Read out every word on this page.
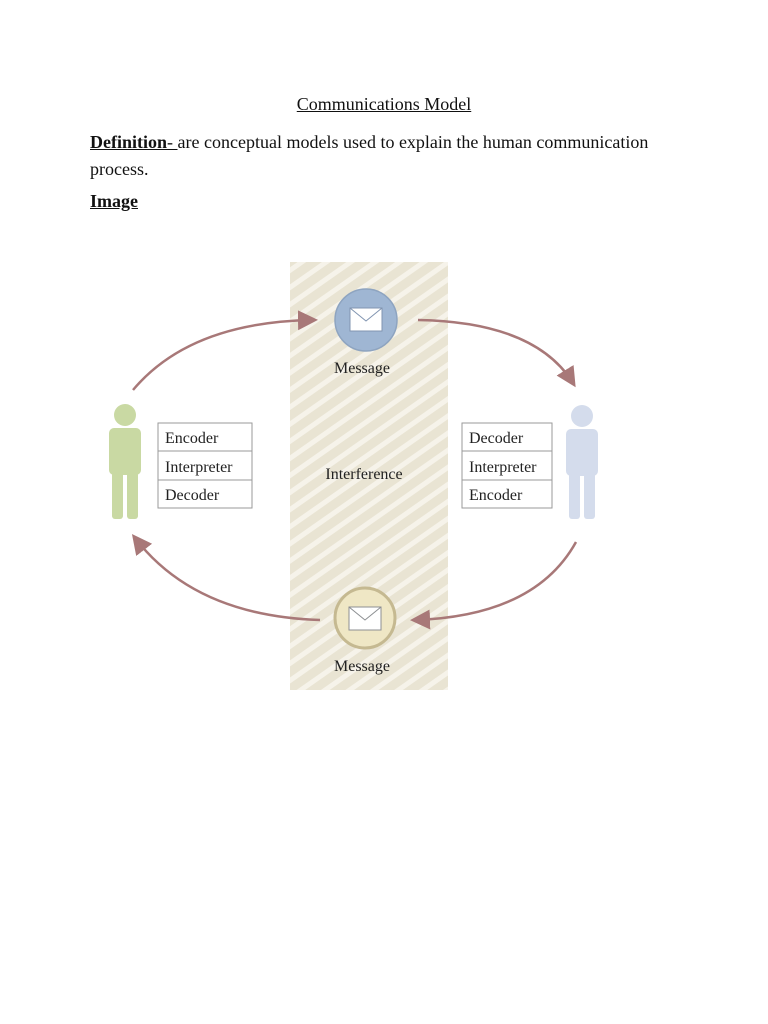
Communications Model
Definition- are conceptual models used to explain the human communication process.
Image
Message
Interference
Message
Encoder
Interpreter
Decoder
Decoder
Interpreter
Encoder
